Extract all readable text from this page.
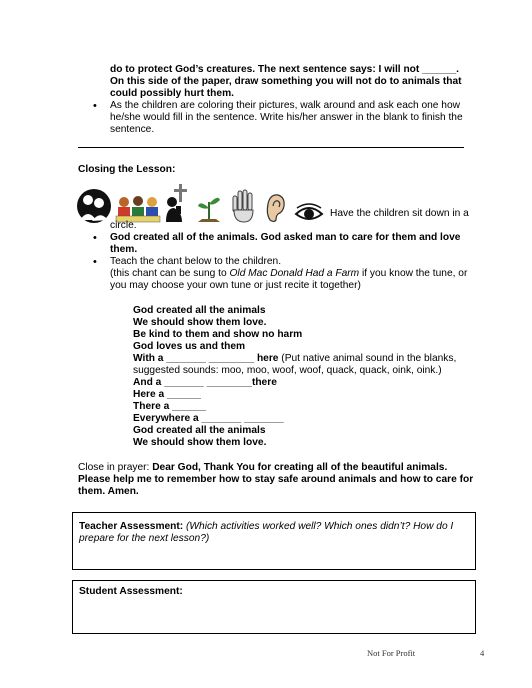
do to protect God’s creatures. The next sentence says: I will not ______.
On this side of the paper, draw something you will not do to animals that
could possibly hurt them.
• As the children are coloring their pictures, walk around and ask each one how he/she would fill in the sentence. Write his/her answer in the blank to finish the sentence.
Closing the Lesson:
Have the children sit down in a
circle.
• God created all of the animals. God asked man to care for them and love them.
• Teach the chant below to the children.
(this chant can be sung to Old Mac Donald Had a Farm if you know the tune, or
you may choose your own tune or just recite it together)
God created all the animals
We should show them love.
Be kind to them and show no harm
God loves us and them
With a _______ ________ here (Put native animal sound in the blanks,
suggested sounds: moo, moo, woof, woof, quack, quack, oink, oink.)
And a _______ ________there
Here a ______
There a ______
Everywhere a _______ _______
God created all the animals
We should show them love.
Close in prayer: Dear God, Thank You for creating all of the beautiful animals.
Please help me to remember how to stay safe around animals and how to care for
them. Amen.
Teacher Assessment: (Which activities worked well? Which ones didn’t? How do I
prepare for the next lesson?)
Student Assessment:
Not For Profit	4
